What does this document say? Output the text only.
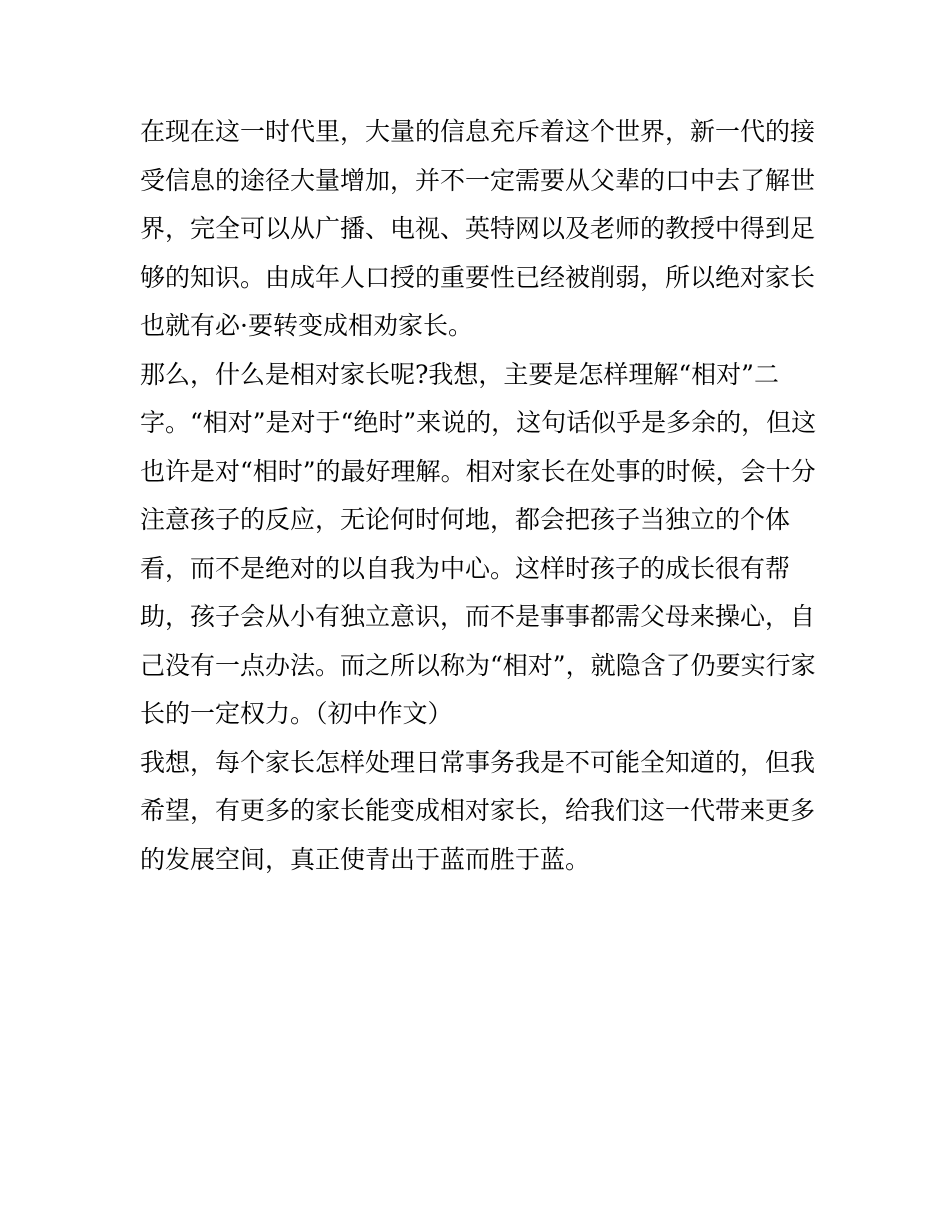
在现在这一时代里，大量的信息充斥着这个世界，新一代的接
受信息的途径大量增加，并不一定需要从父辈的口中去了解世
界，完全可以从广播、电视、英特网以及老师的教授中得到足
够的知识。由成年人口授的重要性已经被削弱，所以绝对家长
也就有必·要转变成相劝家长。
那么，什么是相对家长呢?我想，主要是怎样理解“相对”二
字。“相对”是对于“绝时”来说的，这句话似乎是多余的，但这
也许是对“相时”的最好理解。相对家长在处事的时候，会十分
注意孩子的反应，无论何时何地，都会把孩子当独立的个体
看，而不是绝对的以自我为中心。这样时孩子的成长很有帮
助，孩子会从小有独立意识，而不是事事都需父母来操心，自
己没有一点办法。而之所以称为“相对”，就隐含了仍要实行家
长的一定权力。（初中作文）
我想，每个家长怎样处理日常事务我是不可能全知道的，但我
希望，有更多的家长能变成相对家长，给我们这一代带来更多
的发展空间，真正使青出于蓝而胜于蓝。
